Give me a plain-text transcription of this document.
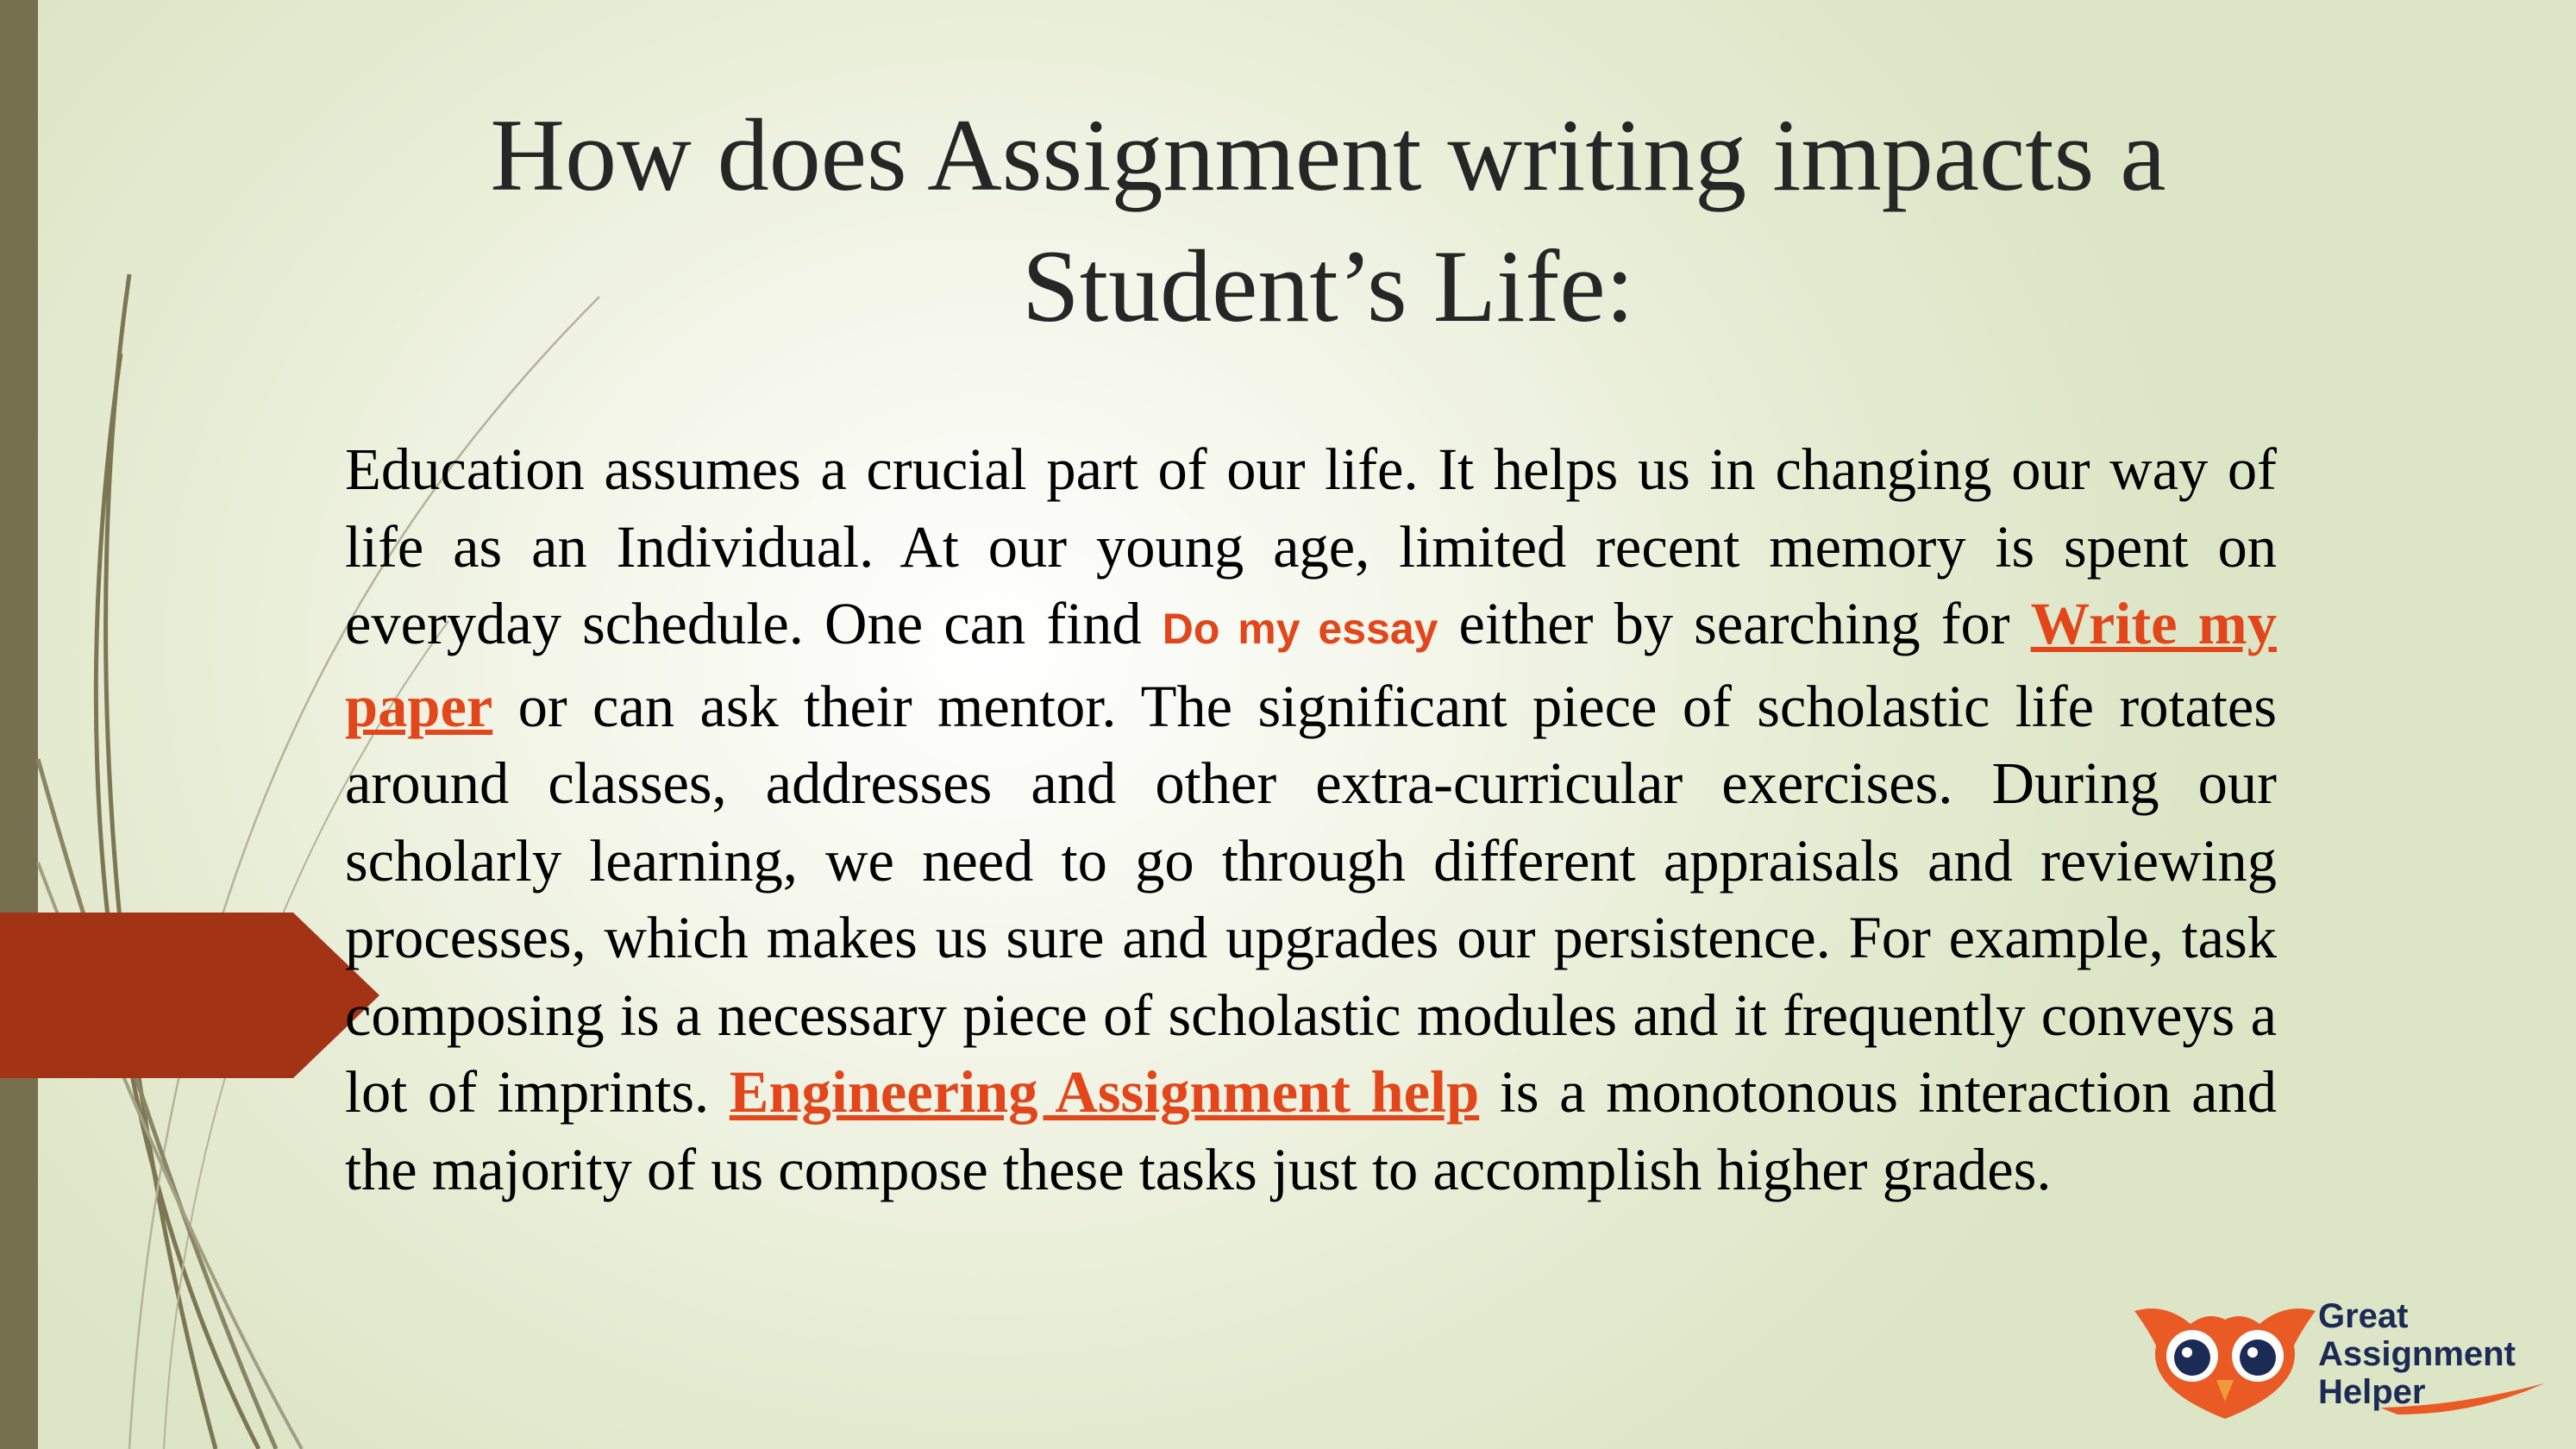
How does Assignment writing impacts a
Student’s Life:

Education assumes a crucial part of our life. It helps us in changing our way of life as an Individual. At our young age, limited recent memory is spent on everyday schedule. One can find Do my essay either by searching for Write my paper or can ask their mentor. The significant piece of scholastic life rotates around classes, addresses and other extra-curricular exercises. During our scholarly learning, we need to go through different appraisals and reviewing processes, which makes us sure and upgrades our persistence. For example, task composing is a necessary piece of scholastic modules and it frequently conveys a lot of imprints. Engineering Assignment help is a monotonous interaction and the majority of us compose these tasks just to accomplish higher grades.

Great
Assignment
Helper
